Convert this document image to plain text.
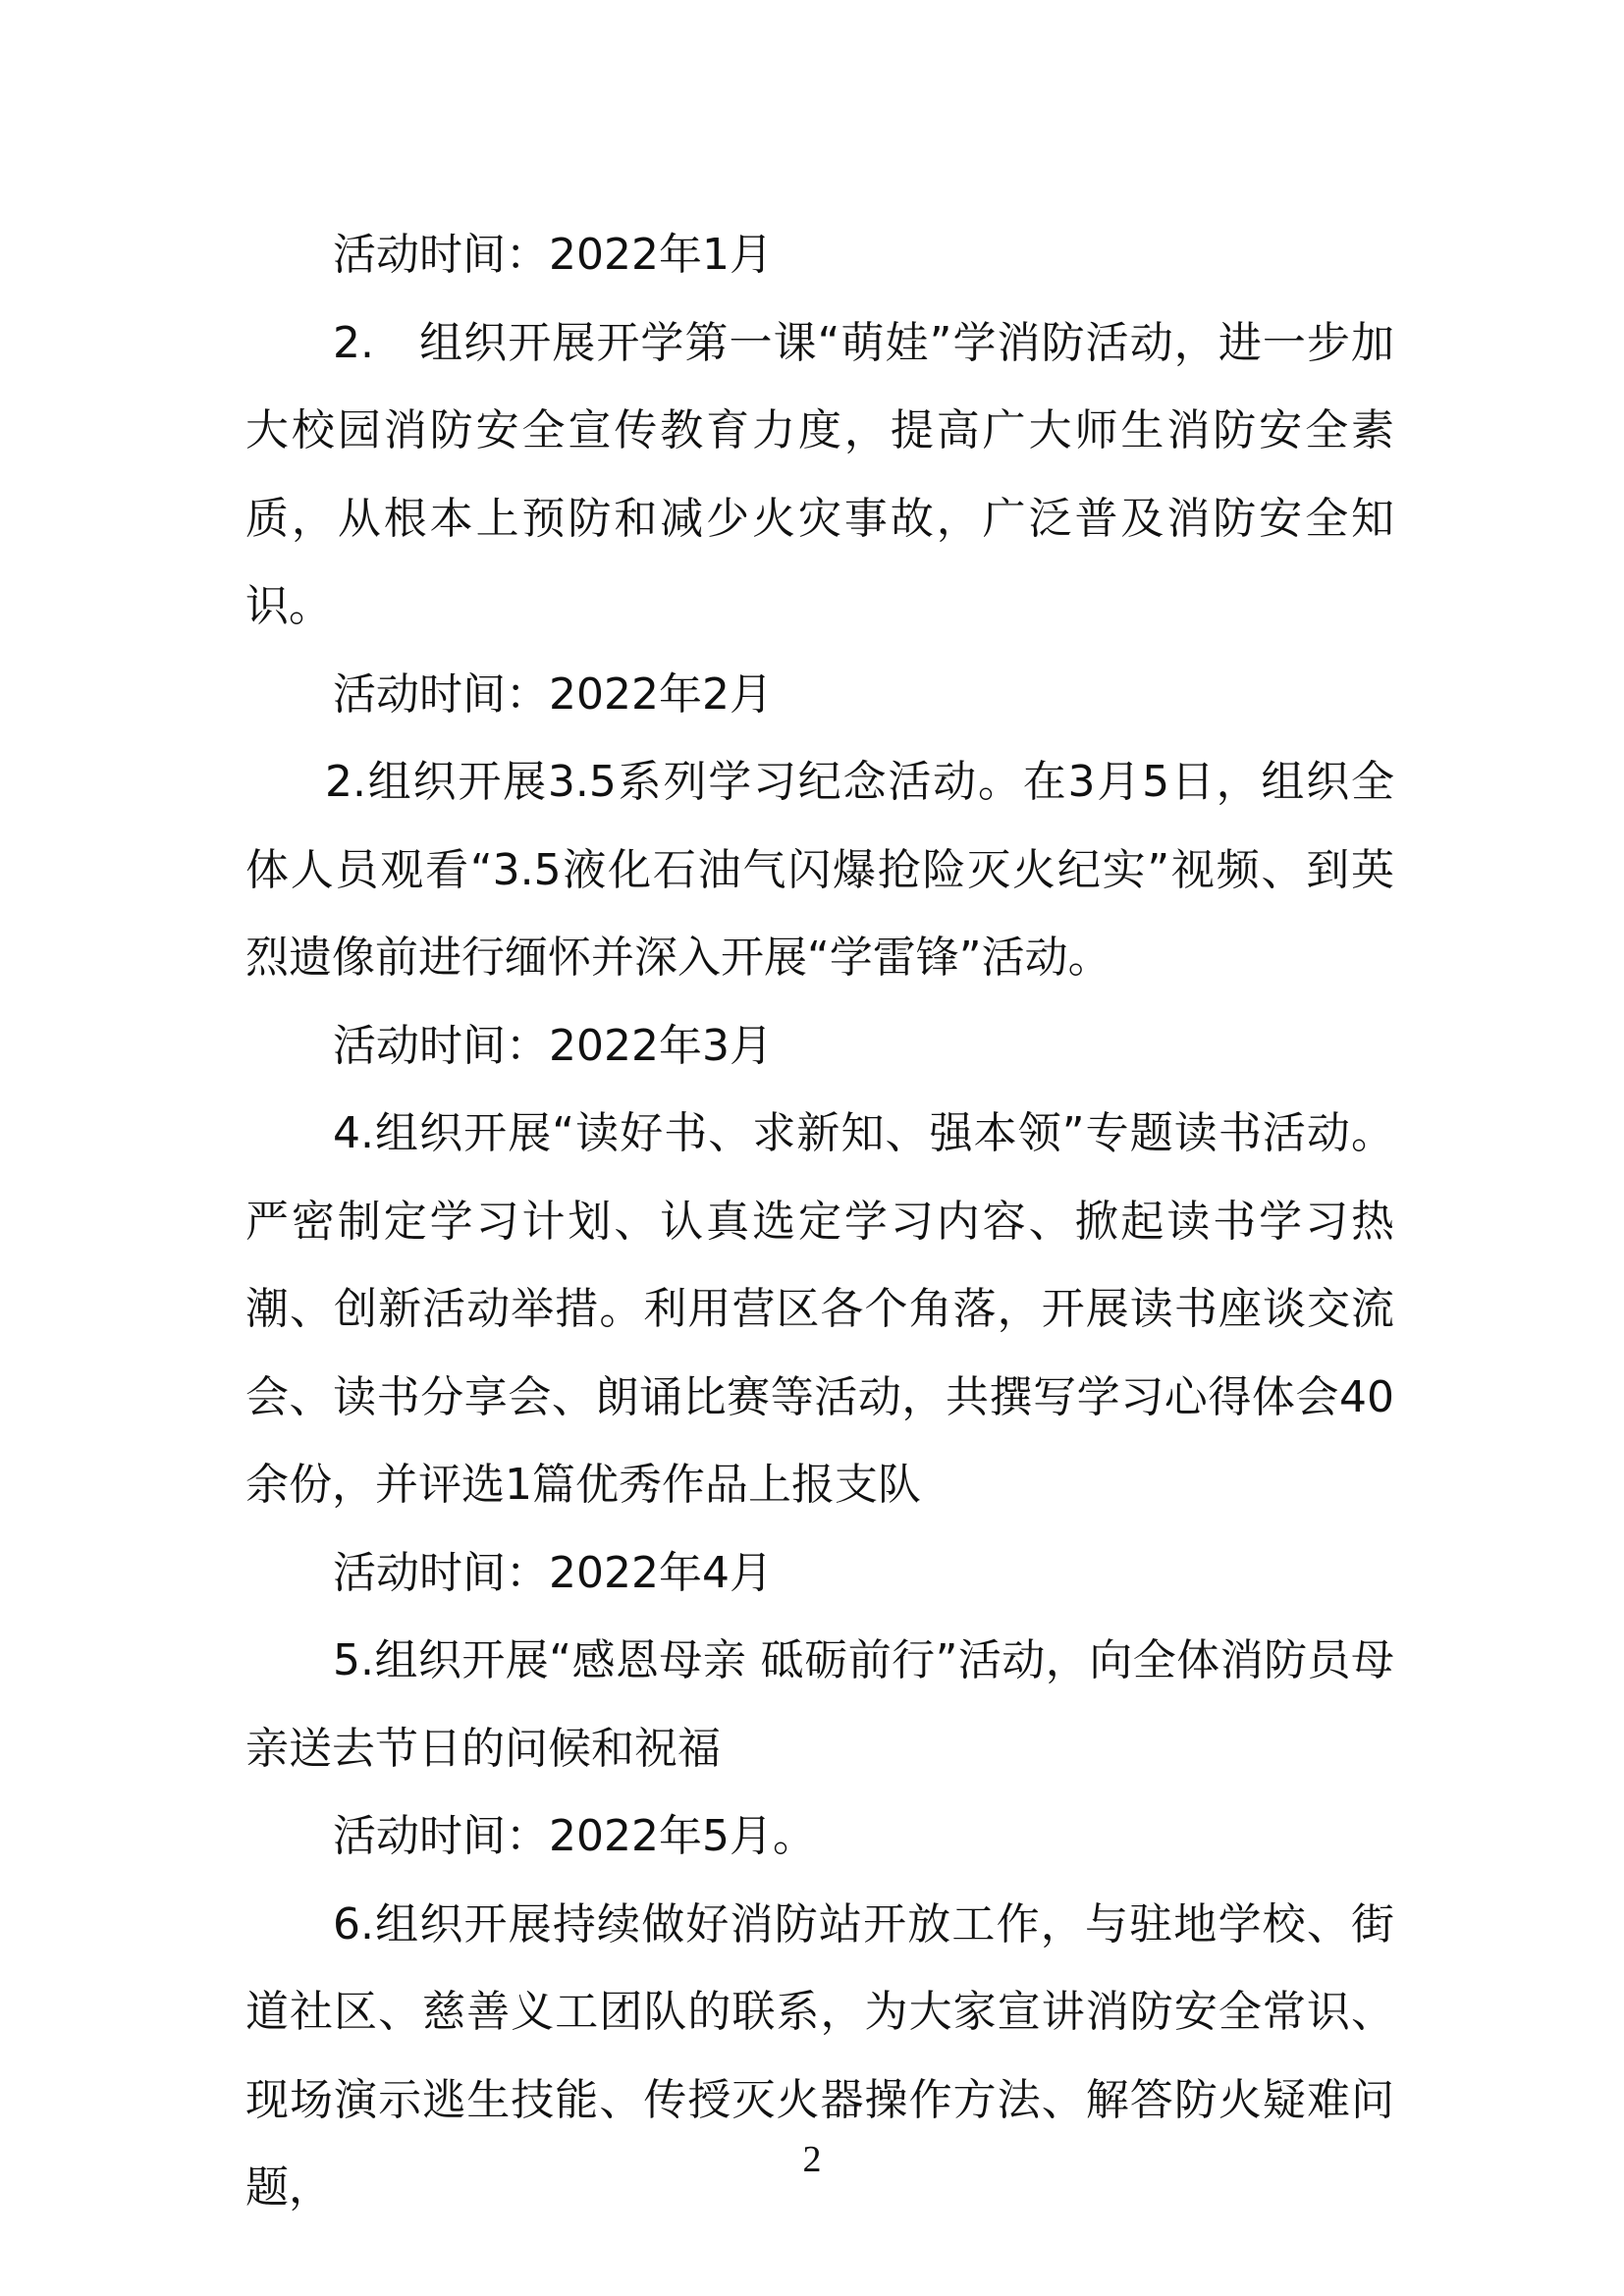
活动时间：2022年1月

2.　组织开展开学第一课“萌娃”学消防活动，进一步加大校园消防安全宣传教育力度，提高广大师生消防安全素质，从根本上预防和减少火灾事故，广泛普及消防安全知识。

活动时间：2022年2月

2.组织开展3.5系列学习纪念活动。在3月5日，组织全体人员观看“3.5液化石油气闪爆抢险灭火纪实”视频、到英烈遗像前进行缅怀并深入开展“学雷锋”活动。

活动时间：2022年3月

4.组织开展“读好书、求新知、强本领”专题读书活动。严密制定学习计划、认真选定学习内容、掀起读书学习热潮、创新活动举措。利用营区各个角落，开展读书座谈交流会、读书分享会、朗诵比赛等活动，共撰写学习心得体会40余份，并评选1篇优秀作品上报支队

活动时间：2022年4月

5.组织开展“感恩母亲 砥砺前行”活动，向全体消防员母亲送去节日的问候和祝福

活动时间：2022年5月。

6.组织开展持续做好消防站开放工作，与驻地学校、街道社区、慈善义工团队的联系，为大家宣讲消防安全常识、现场演示逃生技能、传授灭火器操作方法、解答防火疑难问题，

2
